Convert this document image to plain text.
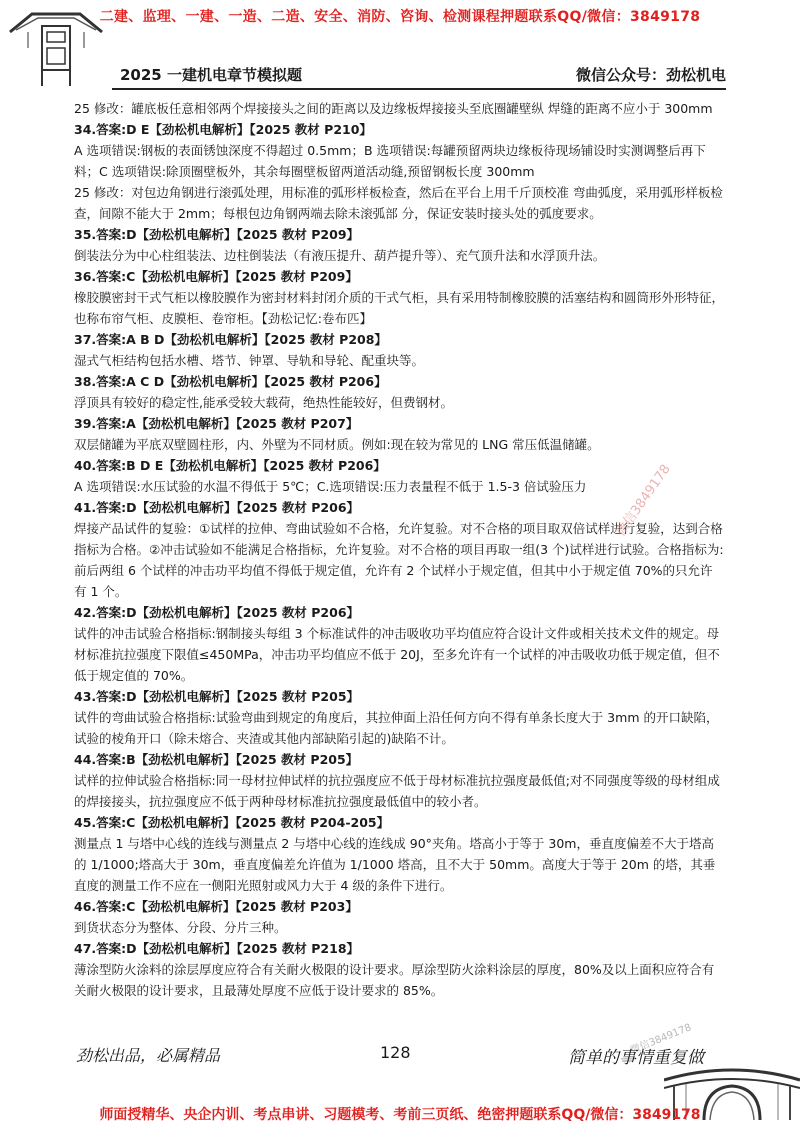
二建、监理、一建、一造、二造、安全、消防、咨询、检测课程押题联系QQ/微信：3849178
2025 一建机电章节模拟题	微信公众号：劲松机电

25 修改：罐底板任意相邻两个焊接接头之间的距离以及边缘板焊接接头至底圈罐壁纵 焊缝的距离不应小于 300mm

34.答案:D E【劲松机电解析】【2025 教材 P210】

A 选项错误:钢板的表面锈蚀深度不得超过 0.5mm；B 选项错误:每罐预留两块边缘板待现场铺设时实测调整后再下料；C 选项错误:除顶圈壁板外，其余每圈壁板留两道活动缝,预留钢板长度 300mm

25 修改：对包边角钢进行滚弧处理，用标准的弧形样板检查，然后在平台上用千斤顶校准 弯曲弧度，采用弧形样板检查，间隙不能大于 2mm；每根包边角钢两端去除未滚弧部 分，保证安装时接头处的弧度要求。

35.答案:D【劲松机电解析】【2025 教材 P209】

倒装法分为中心柱组装法、边柱倒装法（有液压提升、葫芦提升等）、充气顶升法和水浮顶升法。

36.答案:C【劲松机电解析】【2025 教材 P209】

橡胶膜密封干式气柜以橡胶膜作为密封材料封闭介质的干式气柜，具有采用特制橡胶膜的活塞结构和圆筒形外形特征，也称布帘气柜、皮膜柜、卷帘柜。【劲松记忆:卷布匹】

37.答案:A B D【劲松机电解析】【2025 教材 P208】

湿式气柜结构包括水槽、塔节、钟罩、导轨和导轮、配重块等。

38.答案:A C D【劲松机电解析】【2025 教材 P206】

浮顶具有较好的稳定性,能承受较大载荷，绝热性能较好，但费钢材。

39.答案:A【劲松机电解析】【2025 教材 P207】

双层储罐为平底双壁圆柱形，内、外壁为不同材质。例如:现在较为常见的 LNG 常压低温储罐。

40.答案:B D E【劲松机电解析】【2025 教材 P206】

A 选项错误:水压试验的水温不得低于 5℃；C.选项错误:压力表量程不低于 1.5-3 倍试验压力

41.答案:D【劲松机电解析】【2025 教材 P206】

焊接产品试件的复验：①试样的拉伸、弯曲试验如不合格，允许复验。对不合格的项目取双倍试样进行复验，达到合格指标为合格。②冲击试验如不能满足合格指标，允许复验。对不合格的项目再取一组(3 个)试样进行试验。合格指标为:前后两组 6 个试样的冲击功平均值不得低于规定值，允许有 2 个试样小于规定值，但其中小于规定值 70%的只允许有 1 个。

42.答案:D【劲松机电解析】【2025 教材 P206】

试件的冲击试验合格指标:钢制接头每组 3 个标准试件的冲击吸收功平均值应符合设计文件或相关技术文件的规定。母材标准抗拉强度下限值≤450MPa，冲击功平均值应不低于 20J，至多允许有一个试样的冲击吸收功低于规定值，但不低于规定值的 70%。

43.答案:D【劲松机电解析】【2025 教材 P205】

试件的弯曲试验合格指标:试验弯曲到规定的角度后，其拉伸面上沿任何方向不得有单条长度大于 3mm 的开口缺陷，试验的棱角开口（除未熔合、夹渣或其他内部缺陷引起的)缺陷不计。

44.答案:B【劲松机电解析】【2025 教材 P205】

试样的拉伸试验合格指标:同一母材拉伸试样的抗拉强度应不低于母材标准抗拉强度最低值;对不同强度等级的母材组成的焊接接头，抗拉强度应不低于两种母材标准抗拉强度最低值中的较小者。

45.答案:C【劲松机电解析】【2025 教材 P204-205】

测量点 1 与塔中心线的连线与测量点 2 与塔中心线的连线成 90°夹角。塔高小于等于 30m，垂直度偏差不大于塔高的 1/1000;塔高大于 30m，垂直度偏差允许值为 1/1000 塔高，且不大于 50mm。高度大于等于 20m 的塔，其垂直度的测量工作不应在一侧阳光照射或风力大于 4 级的条件下进行。

46.答案:C【劲松机电解析】【2025 教材 P203】

到货状态分为整体、分段、分片三种。

47.答案:D【劲松机电解析】【2025 教材 P218】

薄涂型防火涂料的涂层厚度应符合有关耐火极限的设计要求。厚涂型防火涂料涂层的厚度，80%及以上面积应符合有关耐火极限的设计要求，且最薄处厚度不应低于设计要求的 85%。

微信3849178
微信3849178
劲松出品，必属精品	128	简单的事情重复做
师面授精华、央企内训、考点串讲、习题模考、考前三页纸、绝密押题联系QQ/微信：3849178
